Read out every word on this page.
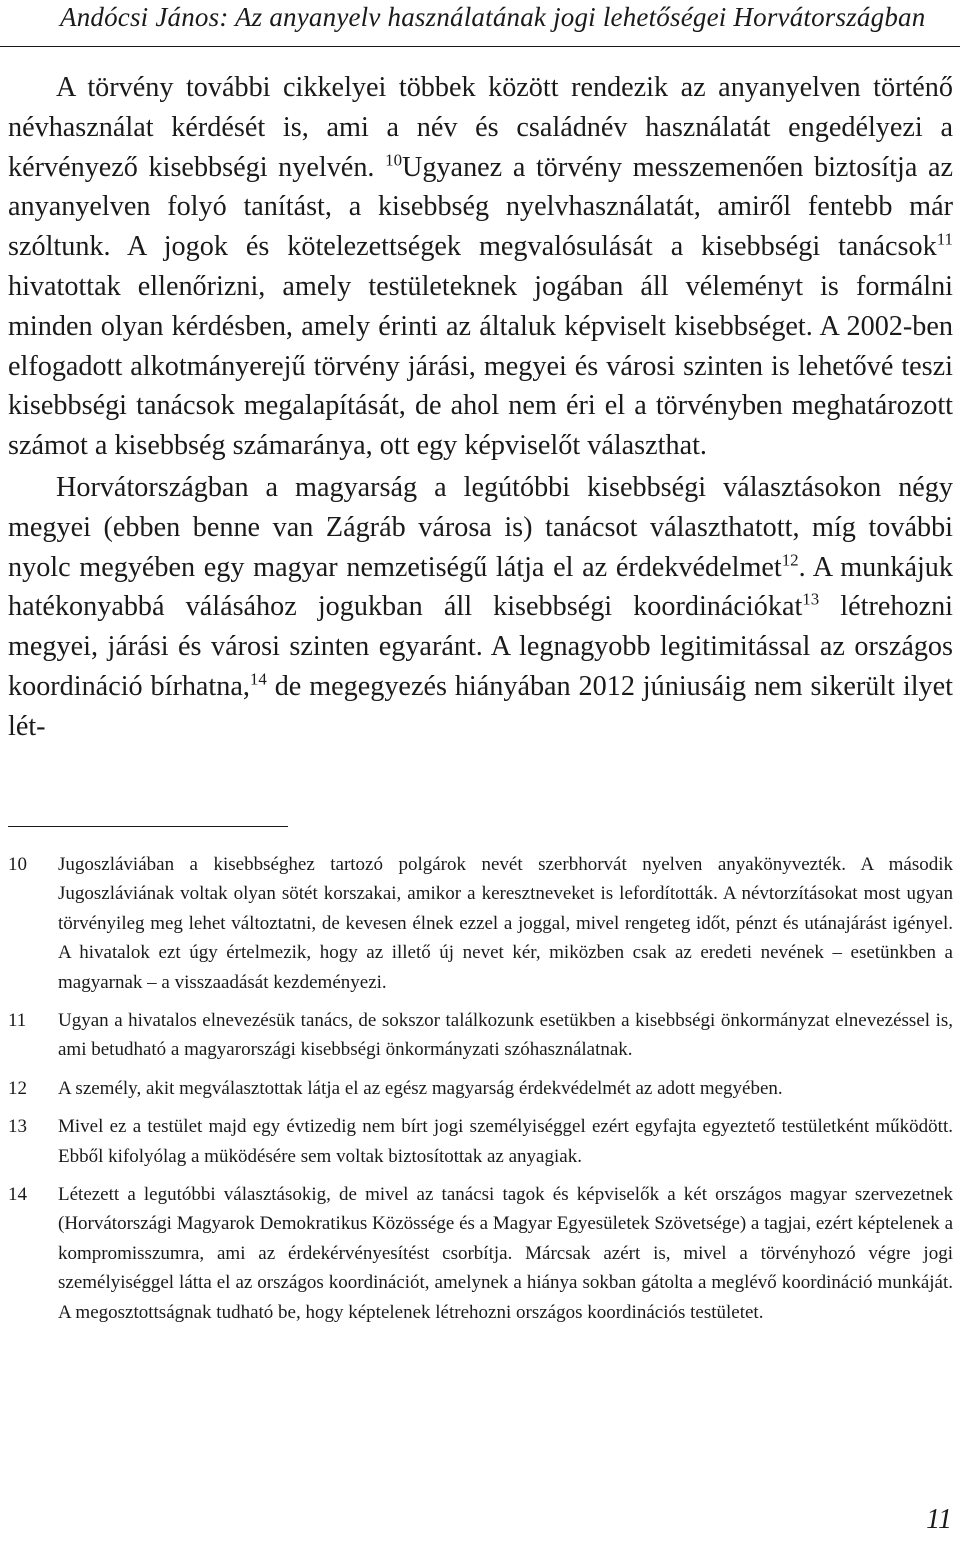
Andócsi János: Az anyanyelv használatának jogi lehetőségei Horvátországban

A törvény további cikkelyei többek között rendezik az anyanyelven történő névhasználat kérdését is, ami a név és családnév használatát engedélyezi a kérvényező kisebbségi nyelvén. $^{10}$Ugyanez a törvény messzemenően biztosítja az anyanyelven folyó tanítást, a kisebbség nyelvhasználatát, amiről fentebb már szóltunk. A jogok és kötelezettségek megvalósulását a kisebbségi tanácsok$^{11}$ hivatottak ellenőrizni, amely testületeknek jogában áll véleményt is formálni minden olyan kérdésben, amely érinti az általuk képviselt kisebbséget. A 2002-ben elfogadott alkotmányerejű törvény járási, megyei és városi szinten is lehetővé teszi kisebbségi tanácsok megalapítását, de ahol nem éri el a törvényben meghatározott számot a kisebbség számaránya, ott egy képviselőt választhat.

Horvátországban a magyarság a legútóbbi kisebbségi választásokon négy megyei (ebben benne van Zágráb városa is) tanácsot választhatott, míg további nyolc megyében egy magyar nemzetiségű látja el az érdekvédelmet$^{12}$. A munkájuk hatékonyabbá válásához jogukban áll kisebbségi koordinációkat$^{13}$ létrehozni megyei, járási és városi szinten egyaránt. A legnagyobb legitimitással az országos koordináció bírhatna,$^{14}$ de megegyezés hiányában 2012 júniusáig nem sikerült ilyet lét-

10	Jugoszláviában a kisebbséghez tartozó polgárok nevét szerbhorvát nyelven anyakönyvezték. A második Jugoszláviának voltak olyan sötét korszakai, amikor a keresztneveket is lefordították. A névtorzításokat most ugyan törvényileg meg lehet változtatni, de kevesen élnek ezzel a joggal, mivel rengeteg időt, pénzt és utánajárást igényel. A hivatalok ezt úgy értelmezik, hogy az illető új nevet kér, miközben csak az eredeti nevének – esetünkben a magyarnak – a visszaadását kezdeményezi.
11	Ugyan a hivatalos elnevezésük tanács, de sokszor találkozunk esetükben a kisebbségi önkormányzat elnevezéssel is, ami betudható a magyarországi kisebbségi önkormányzati szóhasználatnak.
12	A személy, akit megválasztottak látja el az egész magyarság érdekvédelmét az adott megyében.
13	Mivel ez a testület majd egy évtizedig nem bírt jogi személyiséggel ezért egyfajta egyeztető testületként működött. Ebből kifolyólag a müködésére sem voltak biztosítottak az anyagiak.
14	Létezett a legutóbbi választásokig, de mivel az tanácsi tagok és képviselők a két országos magyar szervezetnek (Horvátországi Magyarok Demokratikus Közössége és a Magyar Egyesületek Szövetsége) a tagjai, ezért képtelenek a kompromisszumra, ami az érdekérvényesítést csorbítja. Márcsak azért is, mivel a törvényhozó végre jogi személyiséggel látta el az országos koordinációt, amelynek a hiánya sokban gátolta a meglévő koordináció munkáját. A megosztottságnak tudható be, hogy képtelenek létrehozni országos koordinációs testületet.
11
